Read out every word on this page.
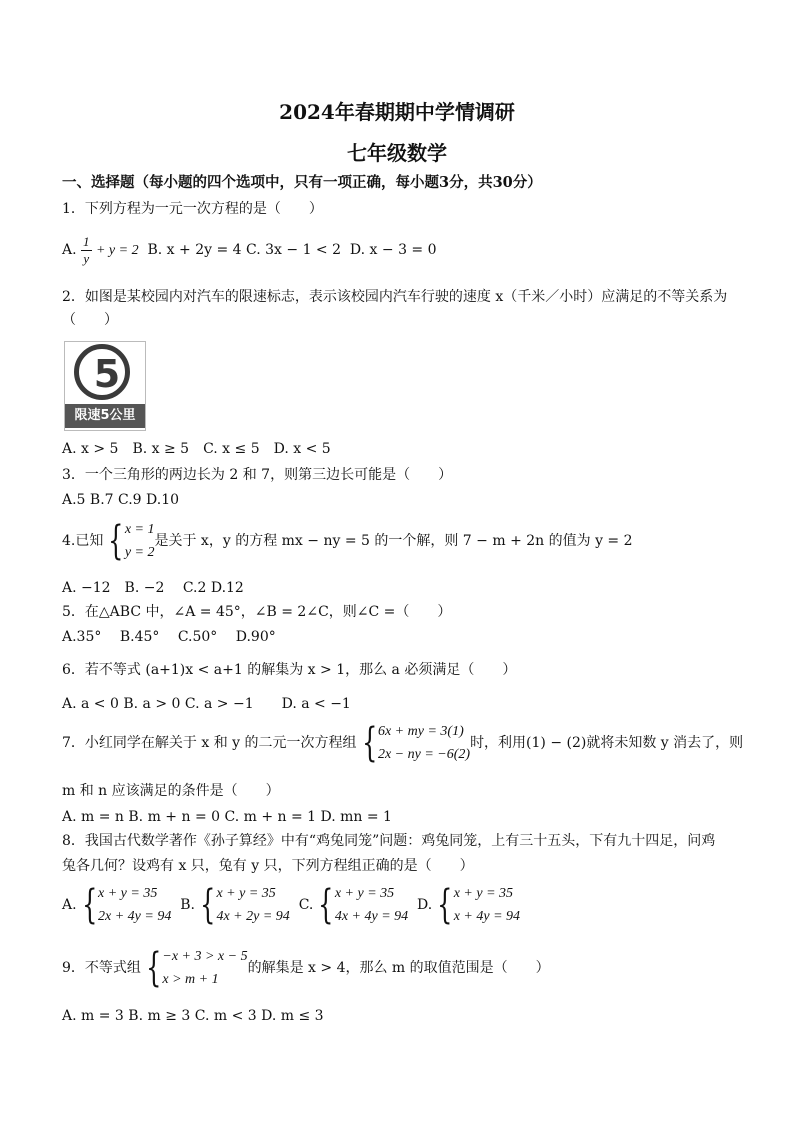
2024年春期期中学情调研
七年级数学
一、选择题（每小题的四个选项中，只有一项正确，每小题3分，共30分）
1．下列方程为一元一次方程的是（　　）
A. $\frac{1}{y} + y = 2$ B. x + 2y = 4 C. 3x − 1 < 2 D. x − 3 = 0
2．如图是某校园内对汽车的限速标志，表示该校园内汽车行驶的速度 x（千米／小时）应满足的不等关系为
（　　）
5
限速5公里
A. x > 5　B. x ≥ 5　C. x ≤ 5　D. x < 5
3．一个三角形的两边长为 2 和 7，则第三边长可能是（　　）
A.5 B.7 C.9 D.10
4.已知 { x = 1
y = 2
是关于 x，y 的方程 mx − ny = 5 的一个解，则 7 − m + 2n 的值为 y = 2
A. −12　B. −2　 C.2 D.12
5．在△ABC 中，∠A = 45°，∠B = 2∠C，则∠C =（　　）
A.35°　 B.45°　 C.50°　 D.90°
6．若不等式 (a+1)x < a+1 的解集为 x > 1，那么 a 必须满足（　　）
A. a < 0 B. a > 0 C. a > −1　　D. a < −1
7．小红同学在解关于 x 和 y 的二元一次方程组 { 6x + my = 3(1)
2x − ny = −6(2)
时，利用(1) − (2)就将未知数 y 消去了，则
m 和 n 应该满足的条件是（　　）
A. m = n B. m + n = 0 C. m + n = 1 D. mn = 1
8．我国古代数学著作《孙子算经》中有“鸡兔同笼”问题：鸡兔同笼，上有三十五头，下有九十四足，问鸡
兔各几何？设鸡有 x 只，兔有 y 只，下列方程组正确的是（　　）
A. { x + y = 35
2x + 4y = 94
B. { x + y = 35
4x + 2y = 94
C. { x + y = 35
4x + 4y = 94
D. { x + y = 35
x + 4y = 94
9．不等式组 { −x + 3 > x − 5
x > m + 1
的解集是 x > 4，那么 m 的取值范围是（　　）
A. m = 3 B. m ≥ 3 C. m < 3 D. m ≤ 3
